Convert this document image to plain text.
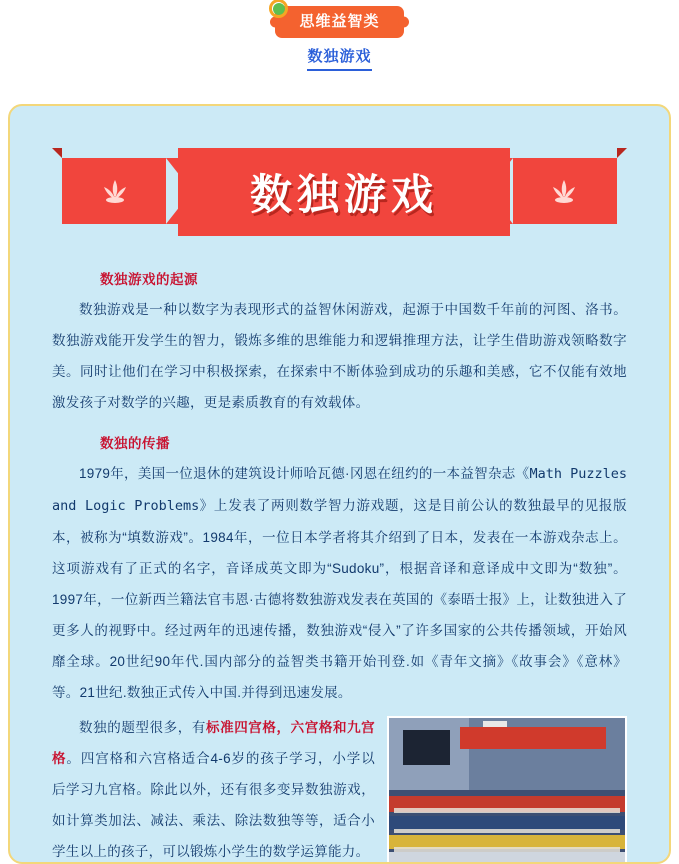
思维益智类
数独游戏
数独游戏
数独游戏的起源

数独游戏是一种以数字为表现形式的益智休闲游戏，起源于中国数千年前的河图、洛书。数独游戏能开发学生的智力，锻炼多维的思维能力和逻辑推理方法，让学生借助游戏领略数字美。同时让他们在学习中积极探索，在探索中不断体验到成功的乐趣和美感，它不仅能有效地激发孩子对数学的兴趣，更是素质教育的有效载体。

数独的传播

1979年，美国一位退休的建筑设计师哈瓦德·冈恩在纽约的一本益智杂志《Math Puzzles and Logic Problems》上发表了两则数学智力游戏题，这是目前公认的数独最早的见报版本，被称为“填数游戏”。1984年，一位日本学者将其介绍到了日本，发表在一本游戏杂志上。这项游戏有了正式的名字，音译成英文即为“Sudoku”，根据音译和意译成中文即为“数独”。1997年，一位新西兰籍法官韦恩·古德将数独游戏发表在英国的《泰晤士报》上，让数独进入了更多人的视野中。经过两年的迅速传播，数独游戏“侵入”了许多国家的公共传播领域，开始风靡全球。20世纪90年代.国内部分的益智类书籍开始刊登.如《青年文摘》《故事会》《意林》等。21世纪.数独正式传入中国.并得到迅速发展。

数独的题型很多，有标准四宫格，六宫格和九宫格。四宫格和六宫格适合4-6岁的孩子学习，小学以后学习九宫格。除此以外，还有很多变异数独游戏，如计算类加法、减法、乘法、除法数独等等，适合小学生以上的孩子，可以锻炼小学生的数学运算能力。
